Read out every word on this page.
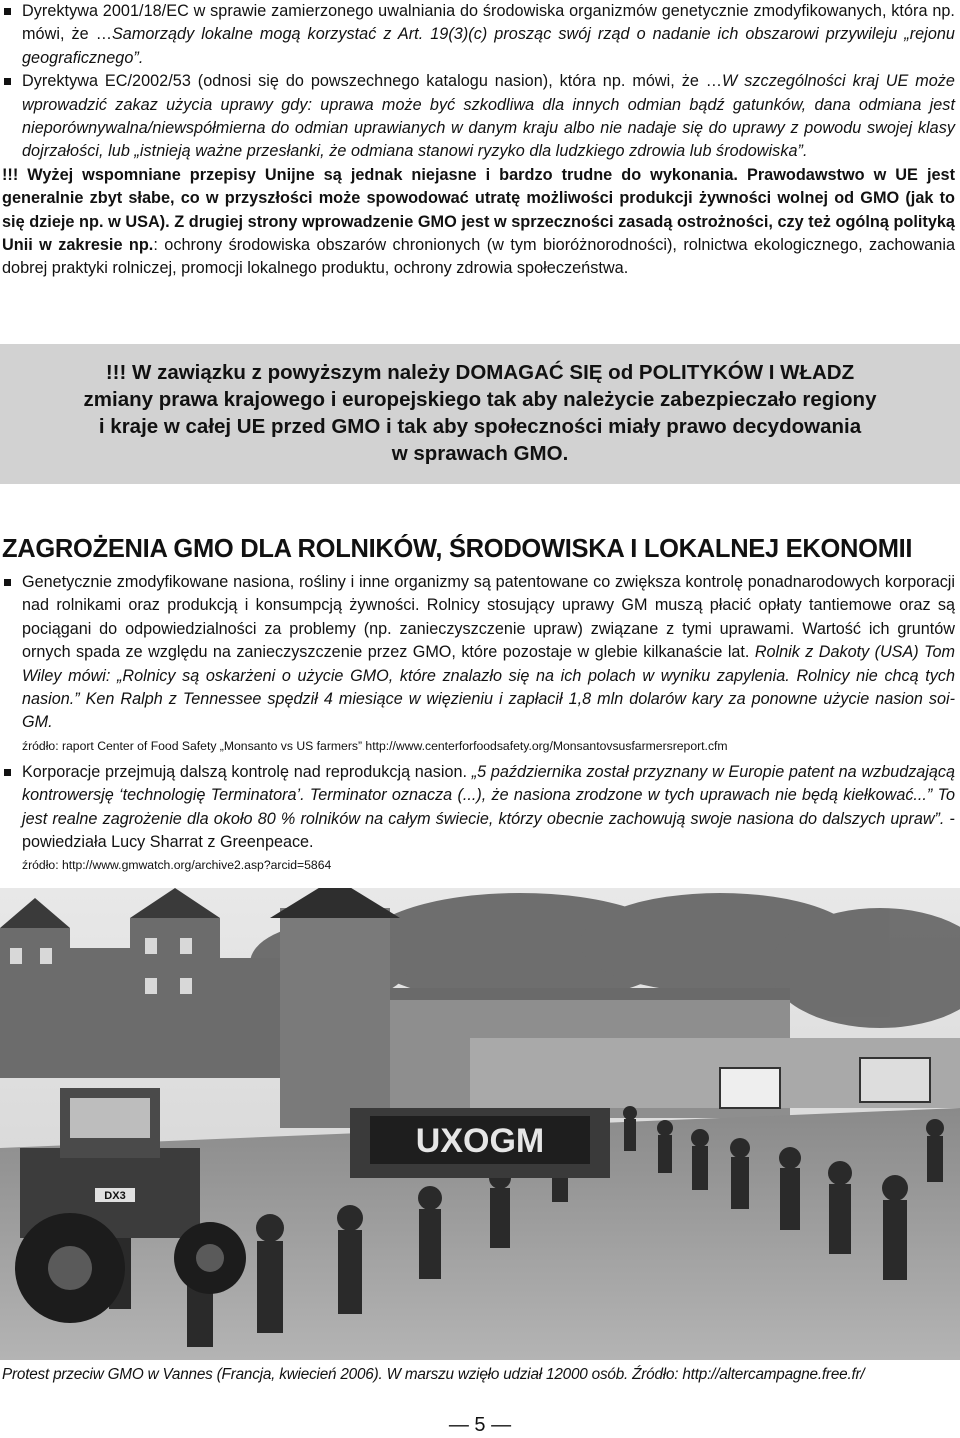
Dyrektywa 2001/18/EC w sprawie zamierzonego uwalniania do środowiska organizmów genetycznie zmodyfikowanych, która np. mówi, że …Samorządy lokalne mogą korzystać z Art. 19(3)(c) prosząc swój rząd o nadanie ich obszarowi przywileju „rejonu geograficznego”.
Dyrektywa EC/2002/53 (odnosi się do powszechnego katalogu nasion), która np. mówi, że …W szczególności kraj UE może wprowadzić zakaz użycia uprawy gdy: uprawa może być szkodliwa dla innych odmian bądź gatunków, dana odmiana jest nieporównywalna/niewspółmierna do odmian uprawianych w danym kraju albo nie nadaje się do uprawy z powodu swojej klasy dojrzałości, lub „istnieją ważne przesłanki, że odmiana stanowi ryzyko dla ludzkiego zdrowia lub środowiska”.

!!! Wyżej wspomniane przepisy Unijne są jednak niejasne i bardzo trudne do wykonania. Prawodawstwo w UE jest generalnie zbyt słabe, co w przyszłości może spowodować utratę możliwości produkcji żywności wolnej od GMO (jak to się dzieje np. w USA). Z drugiej strony wprowadzenie GMO jest w sprzeczności zasadą ostrożności, czy też ogólną polityką Unii w zakresie np.: ochrony środowiska obszarów chronionych (w tym bioróżnorodności), rolnictwa ekologicznego, zachowania dobrej praktyki rolniczej, promocji lokalnego produktu, ochrony zdrowia społeczeństwa.

!!! W zawiązku z powyższym należy DOMAGAĆ SIĘ od POLITYKÓW I WŁADZ
zmiany prawa krajowego i europejskiego tak aby należycie zabezpieczało regiony
i kraje w całej UE przed GMO i tak aby społeczności miały prawo decydowania
w sprawach GMO.
ZAGROŻENIA GMO DLA ROLNIKÓW, ŚRODOWISKA I LOKALNEJ EKONOMII
Genetycznie zmodyfikowane nasiona, rośliny i inne organizmy są patentowane co zwiększa kontrolę ponadnarodowych korporacji nad rolnikami oraz produkcją i konsumpcją żywności. Rolnicy stosujący uprawy GM muszą płacić opłaty tantiemowe oraz są pociągani do odpowiedzialności za problemy (np. zanieczyszczenie upraw) związane z tymi uprawami. Wartość ich gruntów ornych spada ze względu na zanieczyszczenie przez GMO, które pozostaje w glebie kilkanaście lat. Rolnik z Dakoty (USA) Tom Wiley mówi: „Rolnicy są oskarżeni o użycie GMO, które znalazło się na ich polach w wyniku zapylenia. Rolnicy nie chcą tych nasion.” Ken Ralph z Tennessee spędził 4 miesiące w więzieniu i zapłacił 1,8 mln dolarów kary za ponowne użycie nasion soi-GM.

źródło: raport Center of Food Safety „Monsanto vs US farmers” http://www.centerforfoodsafety.org/Monsantovsusfarmersreport.cfm

Korporacje przejmują dalszą kontrolę nad reprodukcją nasion. „5 października został przyznany w Europie patent na wzbudzającą kontrowersję ‘technologię Terminatora’. Terminator oznacza (...), że nasiona zrodzone w tych uprawach nie będą kiełkować...” To jest realne zagrożenie dla około 80 % rolników na całym świecie, którzy obecnie zachowują swoje nasiona do dalszych upraw”. - powiedziała Lucy Sharrat z Greenpeace.

źródło: http://www.gmwatch.org/archive2.asp?arcid=5864

UXOGM
DX3

Protest przeciw GMO w Vannes (Francja, kwiecień 2006). W marszu wzięło udział 12000 osób. Źródło: http://altercampagne.free.fr/

— 5 —
